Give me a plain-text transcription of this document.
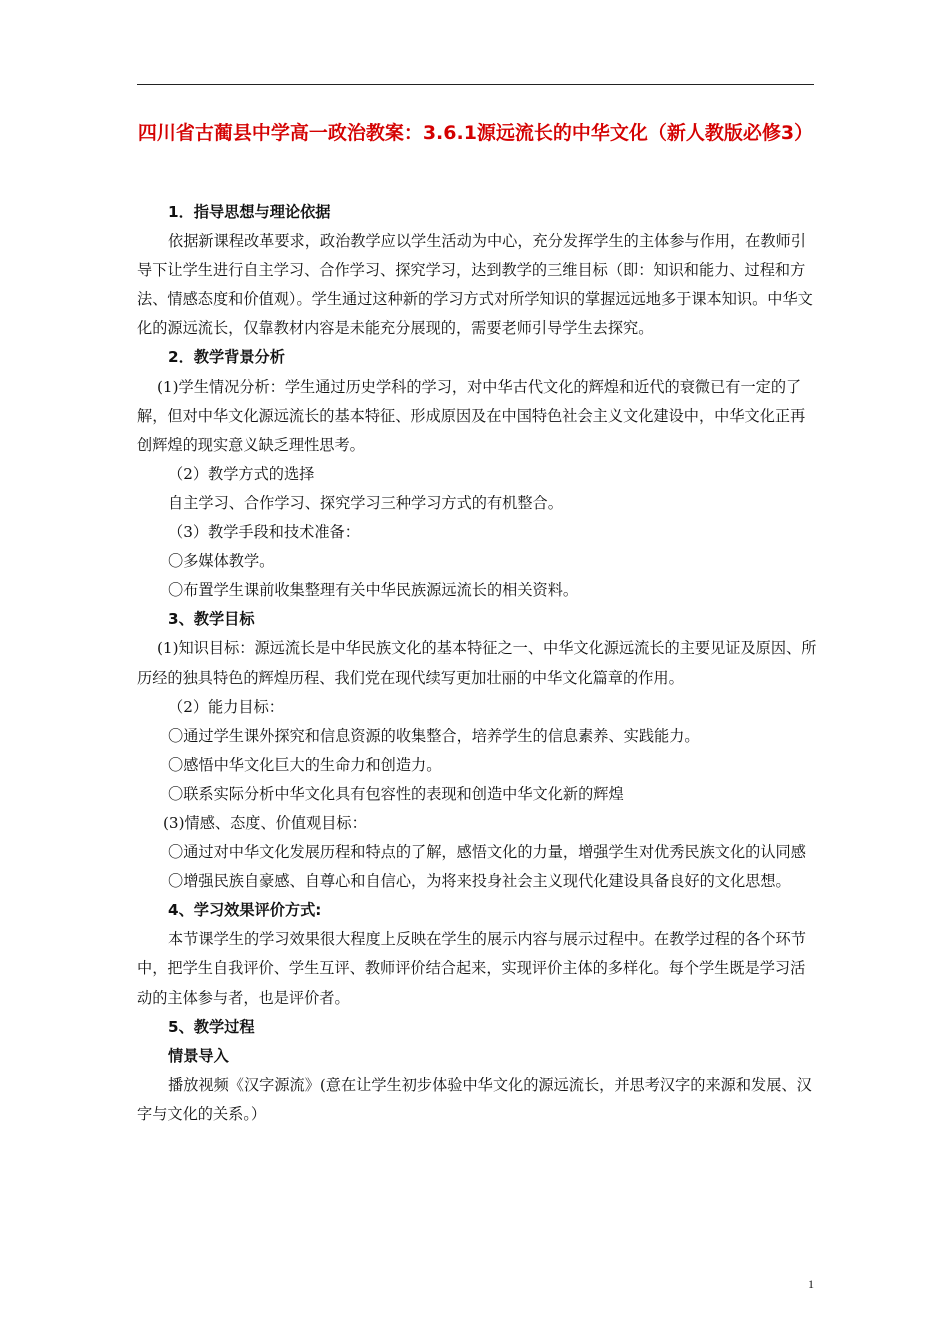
四川省古蔺县中学高一政治教案：3.6.1源远流长的中华文化（新人教版必修3）

1．指导思想与理论依据

依据新课程改革要求，政治教学应以学生活动为中心，充分发挥学生的主体参与作用，在教师引导下让学生进行自主学习、合作学习、探究学习，达到教学的三维目标（即：知识和能力、过程和方法、情感态度和价值观）。学生通过这种新的学习方式对所学知识的掌握远远地多于课本知识。中华文化的源远流长，仅靠教材内容是未能充分展现的，需要老师引导学生去探究。

2．教学背景分析

(1)学生情况分析：学生通过历史学科的学习，对中华古代文化的辉煌和近代的衰微已有一定的了解，但对中华文化源远流长的基本特征、形成原因及在中国特色社会主义文化建设中，中华文化正再创辉煌的现实意义缺乏理性思考。

（2）教学方式的选择

自主学习、合作学习、探究学习三种学习方式的有机整合。

（3）教学手段和技术准备：

〇多媒体教学。

〇布置学生课前收集整理有关中华民族源远流长的相关资料。

3、教学目标

(1)知识目标：源远流长是中华民族文化的基本特征之一、中华文化源远流长的主要见证及原因、所历经的独具特色的辉煌历程、我们党在现代续写更加壮丽的中华文化篇章的作用。

（2）能力目标：

〇通过学生课外探究和信息资源的收集整合，培养学生的信息素养、实践能力。

〇感悟中华文化巨大的生命力和创造力。

〇联系实际分析中华文化具有包容性的表现和创造中华文化新的辉煌

(3)情感、态度、价值观目标：

〇通过对中华文化发展历程和特点的了解，感悟文化的力量，增强学生对优秀民族文化的认同感

〇增强民族自豪感、自尊心和自信心，为将来投身社会主义现代化建设具备良好的文化思想。

4、学习效果评价方式:

本节课学生的学习效果很大程度上反映在学生的展示内容与展示过程中。在教学过程的各个环节中，把学生自我评价、学生互评、教师评价结合起来，实现评价主体的多样化。每个学生既是学习活动的主体参与者，也是评价者。

5、教学过程

情景导入

播放视频《汉字源流》(意在让学生初步体验中华文化的源远流长，并思考汉字的来源和发展、汉字与文化的关系。）

1
